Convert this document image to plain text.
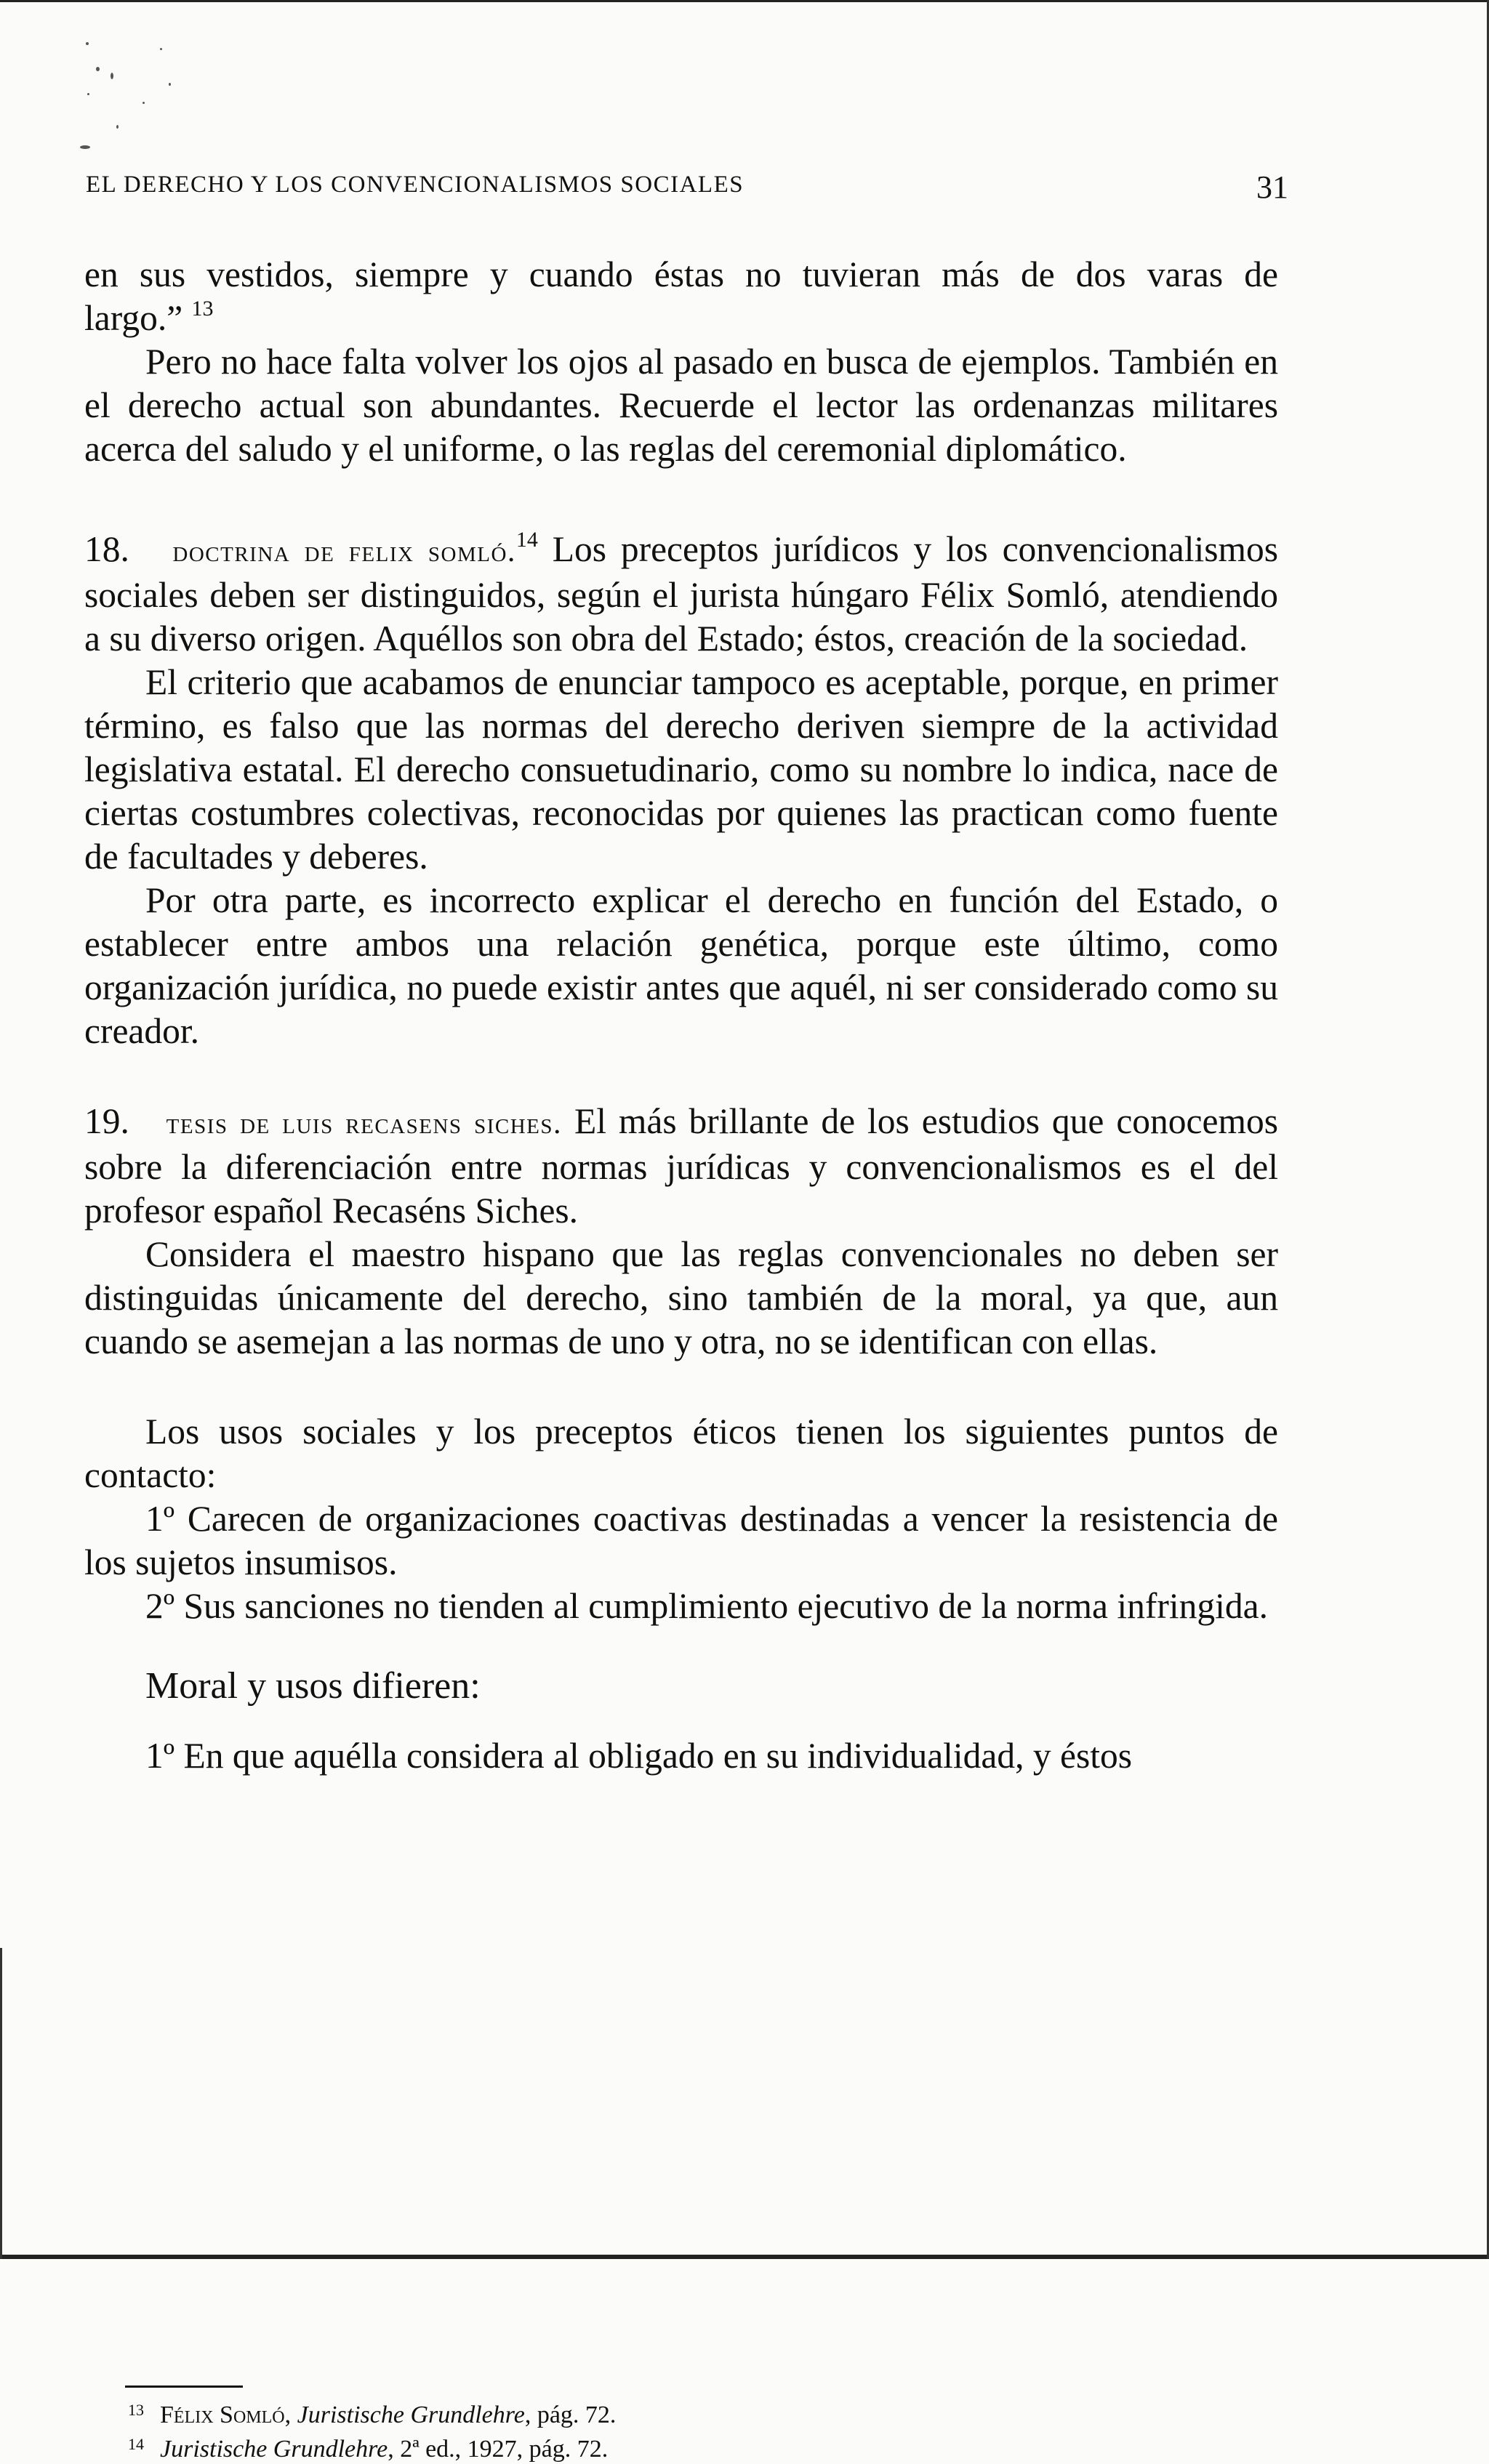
EL DERECHO Y LOS CONVENCIONALISMOS SOCIALES	31

en sus vestidos, siempre y cuando éstas no tuvieran más de dos varas de

largo.” $^{13}$

Pero no hace falta volver los ojos al pasado en busca de ejemplos. También en el derecho actual son abundantes. Recuerde el lector las ordenanzas militares acerca del saludo y el uniforme, o las reglas del ceremonial diplomático.

18. doctrina de felix somló.$^{14}$ Los preceptos jurídicos y los convencionalismos sociales deben ser distinguidos, según el jurista húngaro Félix Somló, atendiendo a su diverso origen. Aquéllos son obra del Estado; éstos, creación de la sociedad.

El criterio que acabamos de enunciar tampoco es aceptable, porque, en primer término, es falso que las normas del derecho deriven siempre de la actividad legislativa estatal. El derecho consuetudinario, como su nombre lo indica, nace de ciertas costumbres colectivas, reconocidas por quienes las practican como fuente de facultades y deberes.

Por otra parte, es incorrecto explicar el derecho en función del Estado, o establecer entre ambos una relación genética, porque este último, como organización jurídica, no puede existir antes que aquél, ni ser considerado como su creador.

19. tesis de luis recasens siches. El más brillante de los estudios que conocemos sobre la diferenciación entre normas jurídicas y convencionalismos es el del profesor español Recaséns Siches.

Considera el maestro hispano que las reglas convencionales no deben ser distinguidas únicamente del derecho, sino también de la moral, ya que, aun cuando se asemejan a las normas de uno y otra, no se identifican con ellas.

Los usos sociales y los preceptos éticos tienen los siguientes puntos de contacto:

1º Carecen de organizaciones coactivas destinadas a vencer la resistencia de los sujetos insumisos.

2º Sus sanciones no tienden al cumplimiento ejecutivo de la norma infringida.

Moral y usos difieren:

1º En que aquélla considera al obligado en su individualidad, y éstos

$^{13}$ Félix Somló, Juristische Grundlehre, pág. 72.

$^{14}$ Juristische Grundlehre, 2ª ed., 1927, pág. 72.
